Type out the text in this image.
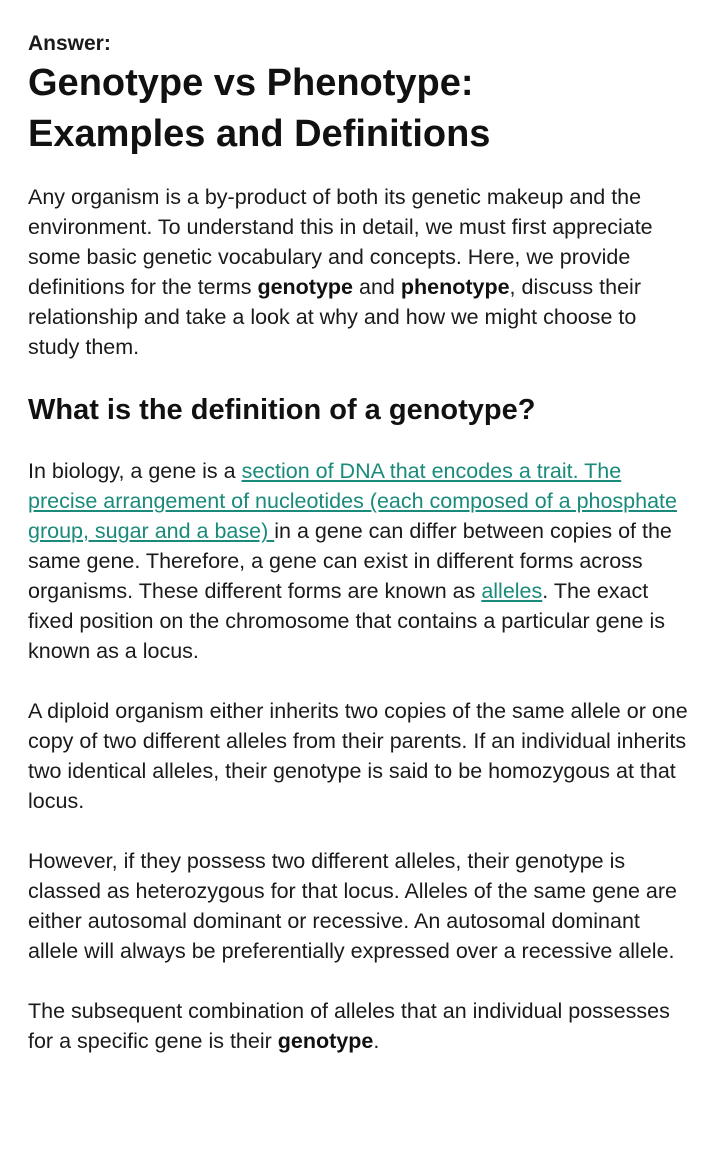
Answer:
Genotype vs Phenotype:
Examples and Definitions

Any organism is a by-product of both its genetic makeup and the environment. To understand this in detail, we must first appreciate some basic genetic vocabulary and concepts. Here, we provide definitions for the terms genotype and phenotype, discuss their relationship and take a look at why and how we might choose to study them.

What is the definition of a genotype?

In biology, a gene is a section of DNA that encodes a trait. The precise arrangement of nucleotides (each composed of a phosphate group, sugar and a base) in a gene can differ between copies of the same gene. Therefore, a gene can exist in different forms across organisms. These different forms are known as alleles. The exact fixed position on the chromosome that contains a particular gene is known as a locus.

A diploid organism either inherits two copies of the same allele or one copy of two different alleles from their parents. If an individual inherits two identical alleles, their genotype is said to be homozygous at that locus.

However, if they possess two different alleles, their genotype is classed as heterozygous for that locus. Alleles of the same gene are either autosomal dominant or recessive. An autosomal dominant allele will always be preferentially expressed over a recessive allele.

The subsequent combination of alleles that an individual possesses for a specific gene is their genotype.
